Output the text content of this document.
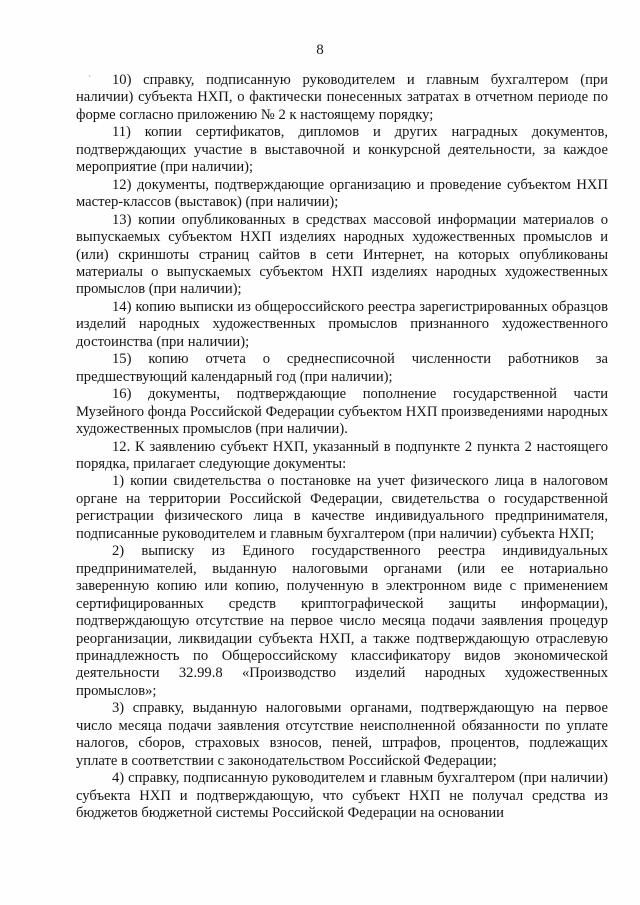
8
`	10) справку, подписанную руководителем и главным бухгалтером (при наличии) субъекта НХП, о фактически понесенных затратах в отчетном периоде по форме согласно приложению № 2 к настоящему порядку;

11) копии сертификатов, дипломов и других наградных документов, подтверждающих участие в выставочной и конкурсной деятельности, за каждое мероприятие (при наличии);

12) документы, подтверждающие организацию и проведение субъектом НХП мастер-классов (выставок) (при наличии);

13) копии опубликованных в средствах массовой информации материалов о выпускаемых субъектом НХП изделиях народных художественных промыслов и (или) скриншоты страниц сайтов в сети Интернет, на которых опубликованы материалы о выпускаемых субъектом НХП изделиях народных художественных промыслов (при наличии);

14) копию выписки из общероссийского реестра зарегистрированных образцов изделий народных художественных промыслов признанного художественного достоинства (при наличии);

15) копию отчета о среднесписочной численности работников за предшествующий календарный год (при наличии);

16) документы, подтверждающие пополнение государственной части Музейного фонда Российской Федерации субъектом НХП произведениями народных художественных промыслов (при наличии).

12. К заявлению субъект НХП, указанный в подпункте 2 пункта 2 настоящего порядка, прилагает следующие документы:

1) копии свидетельства о постановке на учет физического лица в налоговом органе на территории Российской Федерации, свидетельства о государственной регистрации физического лица в качестве индивидуального предпринимателя, подписанные руководителем и главным бухгалтером (при наличии) субъекта НХП;

2) выписку из Единого государственного реестра индивидуальных предпринимателей, выданную налоговыми органами (или ее нотариально заверенную копию или копию, полученную в электронном виде с применением сертифицированных средств криптографической защиты информации), подтверждающую отсутствие на первое число месяца подачи заявления процедур реорганизации, ликвидации субъекта НХП, а также подтверждающую отраслевую принадлежность по Общероссийскому классификатору видов экономической деятельности 32.99.8 «Производство изделий народных художественных промыслов»;

3) справку, выданную налоговыми органами, подтверждающую на первое число месяца подачи заявления отсутствие неисполненной обязанности по уплате налогов, сборов, страховых взносов, пеней, штрафов, процентов, подлежащих уплате в соответствии с законодательством Российской Федерации;

4) справку, подписанную руководителем и главным бухгалтером (при наличии) субъекта НХП и подтверждающую, что субъект НХП не получал средства из бюджетов бюджетной системы Российской Федерации на основании
